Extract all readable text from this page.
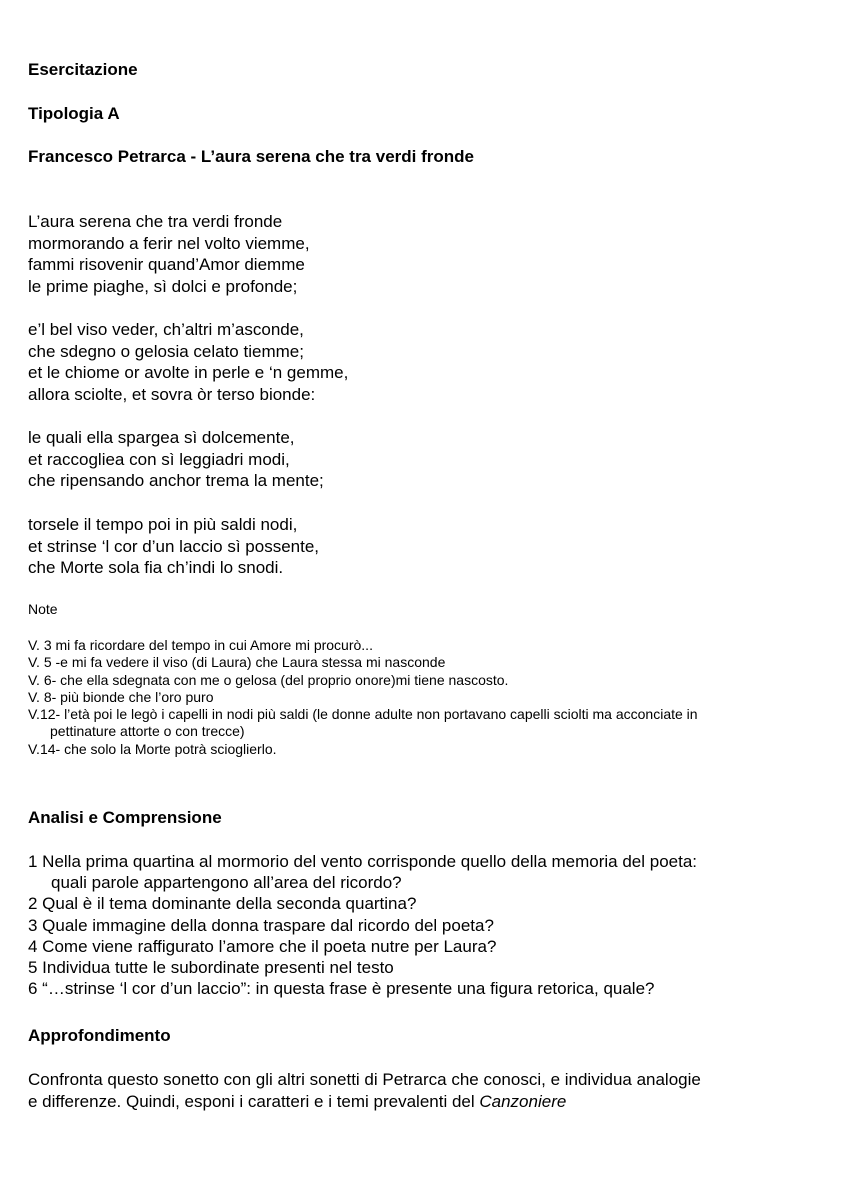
Esercitazione
Tipologia A
Francesco Petrarca - L’aura serena che tra verdi fronde
L’aura serena che tra verdi fronde
mormorando a ferir nel volto viemme,
fammi risovenir quand’Amor diemme
le prime piaghe, sì dolci e profonde;
e’l bel viso veder, ch’altri m’asconde,
che sdegno o gelosia celato tiemme;
et le chiome or avolte in perle e ‘n gemme,
allora sciolte, et sovra òr terso bionde:
le quali ella spargea sì dolcemente,
et raccogliea con sì leggiadri modi,
che ripensando anchor trema la mente;
torsele il tempo poi in più saldi nodi,
et strinse ‘l cor d’un laccio sì possente,
che Morte sola fia ch’indi lo snodi.
Note
V. 3 mi fa ricordare del tempo in cui Amore mi procurò...
V. 5 -e mi fa vedere il viso (di Laura) che Laura stessa mi nasconde
V. 6- che ella sdegnata con me o gelosa (del proprio onore)mi tiene nascosto.
V. 8- più bionde che l’oro puro
V.12- l’età poi le legò i capelli in nodi più saldi (le donne adulte non portavano capelli sciolti ma acconciate in
pettinature attorte o con trecce)
V.14- che solo la Morte potrà scioglierlo.
Analisi e Comprensione
1 Nella prima quartina al mormorio del vento corrisponde quello della memoria del poeta:
quali parole appartengono all’area del ricordo?
2 Qual è il tema dominante della seconda quartina?
3 Quale immagine della donna traspare dal ricordo del poeta?
4 Come viene raffigurato l’amore che il poeta nutre per Laura?
5 Individua tutte le subordinate presenti nel testo
6 “…strinse ‘l cor d’un laccio”: in questa frase è presente una figura retorica, quale?
Approfondimento
Confronta questo sonetto con gli altri sonetti di Petrarca che conosci, e individua analogie
e differenze. Quindi, esponi i caratteri e i temi prevalenti del Canzoniere
